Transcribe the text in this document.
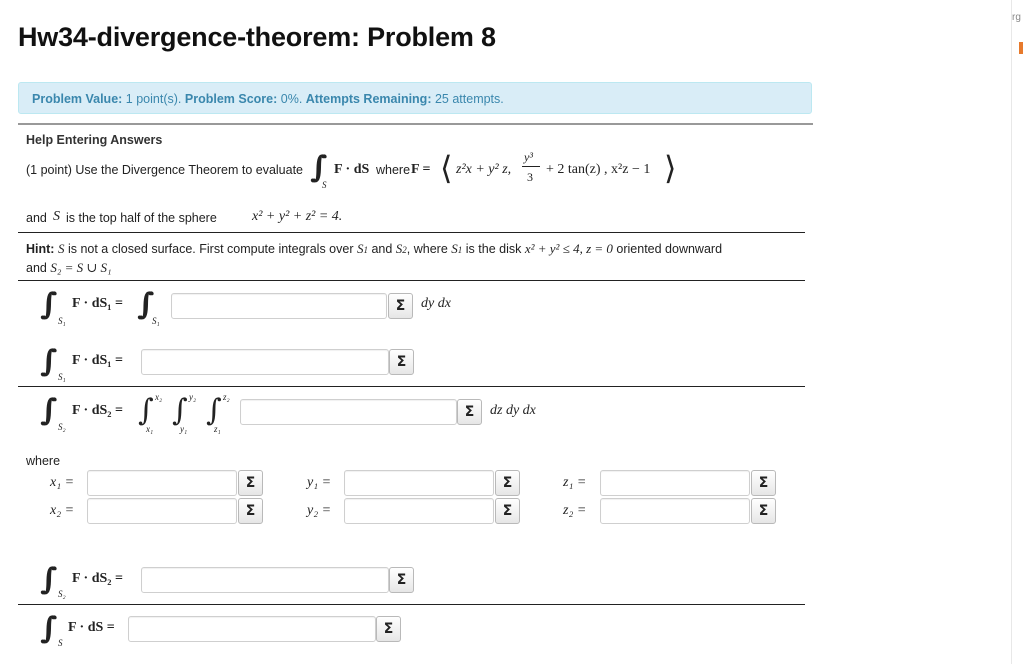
Hw34-divergence-theorem: Problem 8
Problem Value: 1 point(s). Problem Score: 0%. Attempts Remaining: 25 attempts.
Help Entering Answers
(1 point) Use the Divergence Theorem to evaluate ∫∫ S
F · dS where F = ⟨ z²x + y² z,
y³
3 + 2 tan(z) , x²z − 1 ⟩
and S is the top half of the sphere	x² + y² + z² = 4.
Hint: S is not a closed surface. First compute integrals over S1 and S2, where S1 is the disk x² + y² ≤ 4, z = 0 oriented downward
and S₂ = S ∪ S₁
∫∫ S₁
F · dS₁ = ∫∫ S₁
Σ	dy dx
∫∫ S₁
F · dS₁ =	Σ
∫∫ S₂
F · dS₂ = ∫ x₂
x₁
∫ y₂
y₁
∫ z₂
z₁
Σ	dz dy dx
where
x₁ =	Σ
x₂ =	Σ
y₁ =	Σ
y₂ =	Σ
z₁ =	Σ
z₂ =	Σ
∫∫ S₂
F · dS₂ =	Σ
∫∫ S
F · dS =	Σ
rg
